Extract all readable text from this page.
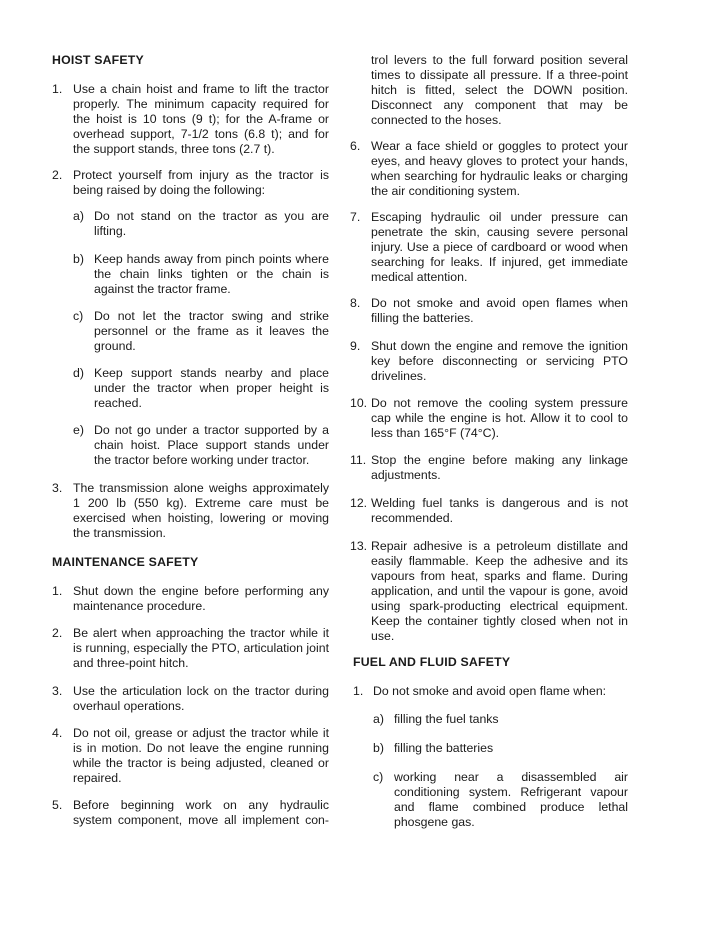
HOIST SAFETY
1. Use a chain hoist and frame to lift the tractor properly. The minimum capacity required for the hoist is 10 tons (9 t); for the A-frame or overhead support, 7-1/2 tons (6.8 t); and for the support stands, three tons (2.7 t).
2. Protect yourself from injury as the tractor is being raised by doing the following:
a) Do not stand on the tractor as you are lifting.
b) Keep hands away from pinch points where the chain links tighten or the chain is against the tractor frame.
c) Do not let the tractor swing and strike personnel or the frame as it leaves the ground.
d) Keep support stands nearby and place under the tractor when proper height is reached.
e) Do not go under a tractor supported by a chain hoist. Place support stands under the tractor before working under tractor.
3. The transmission alone weighs approximately 1 200 lb (550 kg). Extreme care must be exercised when hoisting, lowering or moving the transmission.
MAINTENANCE SAFETY
1. Shut down the engine before performing any maintenance procedure.
2. Be alert when approaching the tractor while it is running, especially the PTO, articulation joint and three-point hitch.
3. Use the articulation lock on the tractor during overhaul operations.
4. Do not oil, grease or adjust the tractor while it is in motion. Do not leave the engine running while the tractor is being adjusted, cleaned or repaired.
5. Before beginning work on any hydraulic system component, move all implement con-
trol levers to the full forward position several times to dissipate all pressure. If a three-point hitch is fitted, select the DOWN position. Disconnect any component that may be connected to the hoses.
6. Wear a face shield or goggles to protect your eyes, and heavy gloves to protect your hands, when searching for hydraulic leaks or charging the air conditioning system.
7. Escaping hydraulic oil under pressure can penetrate the skin, causing severe personal injury. Use a piece of cardboard or wood when searching for leaks. If injured, get immediate medical attention.
8. Do not smoke and avoid open flames when filling the batteries.
9. Shut down the engine and remove the ignition key before disconnecting or servicing PTO drivelines.
10. Do not remove the cooling system pressure cap while the engine is hot. Allow it to cool to less than 165°F (74°C).
11. Stop the engine before making any linkage adjustments.
12. Welding fuel tanks is dangerous and is not recommended.
13. Repair adhesive is a petroleum distillate and easily flammable. Keep the adhesive and its vapours from heat, sparks and flame. During application, and until the vapour is gone, avoid using spark-producting electrical equipment. Keep the container tightly closed when not in use.
FUEL AND FLUID SAFETY
1. Do not smoke and avoid open flame when:
a) filling the fuel tanks
b) filling the batteries
c) working near a disassembled air conditioning system. Refrigerant vapour and flame combined produce lethal phosgene gas.
